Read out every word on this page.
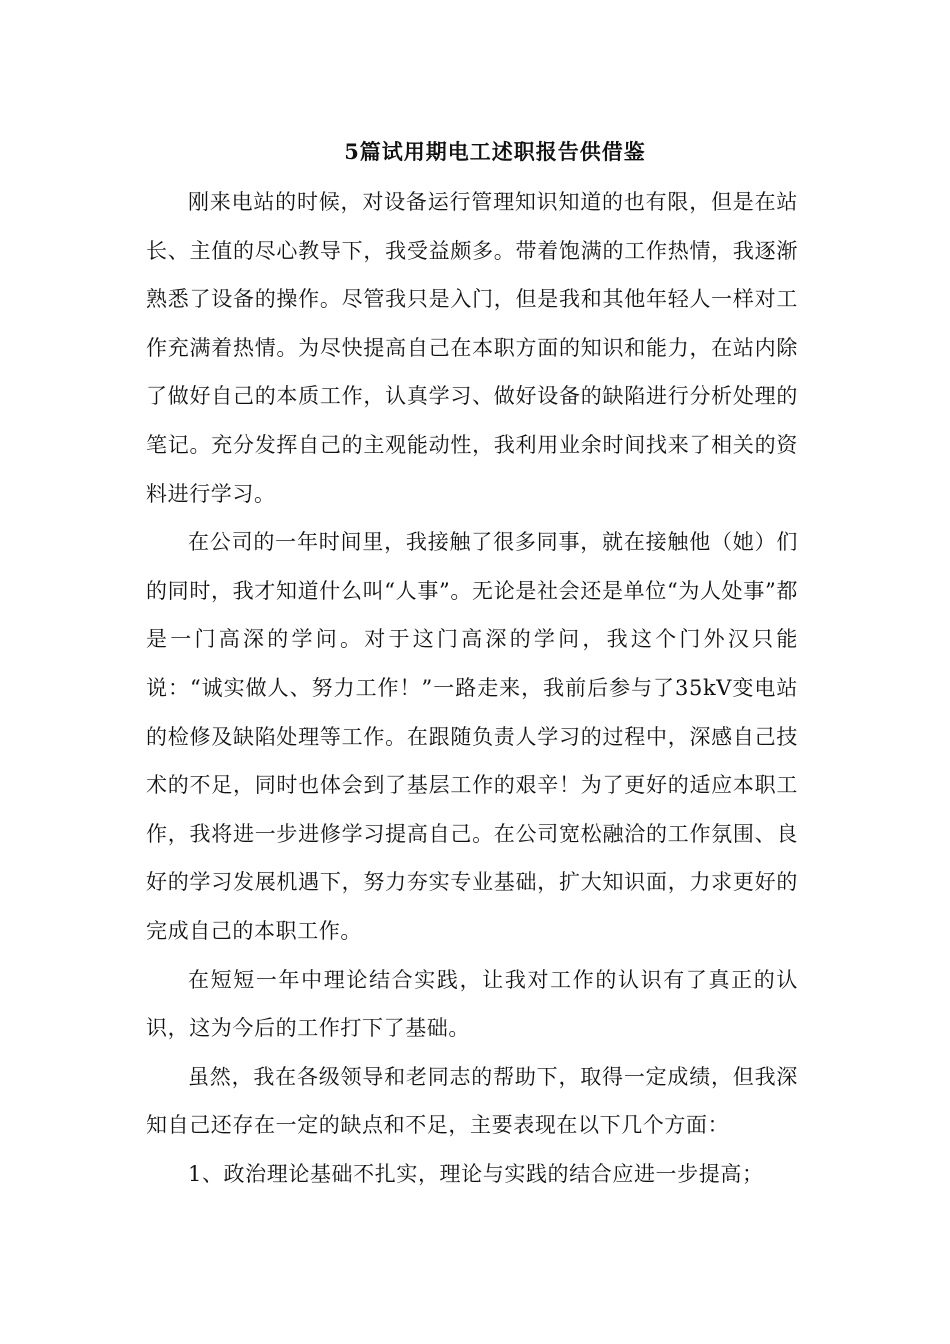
5篇试用期电工述职报告供借鉴

刚来电站的时候，对设备运行管理知识知道的也有限，但是在站长、主值的尽心教导下，我受益颇多。带着饱满的工作热情，我逐渐熟悉了设备的操作。尽管我只是入门，但是我和其他年轻人一样对工作充满着热情。为尽快提高自己在本职方面的知识和能力，在站内除了做好自己的本质工作，认真学习、做好设备的缺陷进行分析处理的笔记。充分发挥自己的主观能动性，我利用业余时间找来了相关的资料进行学习。

在公司的一年时间里，我接触了很多同事，就在接触他（她）们的同时，我才知道什么叫“人事”。无论是社会还是单位“为人处事”都是一门高深的学问。对于这门高深的学问，我这个门外汉只能说：“诚实做人、努力工作！”一路走来，我前后参与了35kV变电站的检修及缺陷处理等工作。在跟随负责人学习的过程中，深感自己技术的不足，同时也体会到了基层工作的艰辛！为了更好的适应本职工作，我将进一步进修学习提高自己。在公司宽松融洽的工作氛围、良好的学习发展机遇下，努力夯实专业基础，扩大知识面，力求更好的完成自己的本职工作。

在短短一年中理论结合实践，让我对工作的认识有了真正的认识，这为今后的工作打下了基础。

虽然，我在各级领导和老同志的帮助下，取得一定成绩，但我深知自己还存在一定的缺点和不足，主要表现在以下几个方面：

1、政治理论基础不扎实，理论与实践的结合应进一步提高；
